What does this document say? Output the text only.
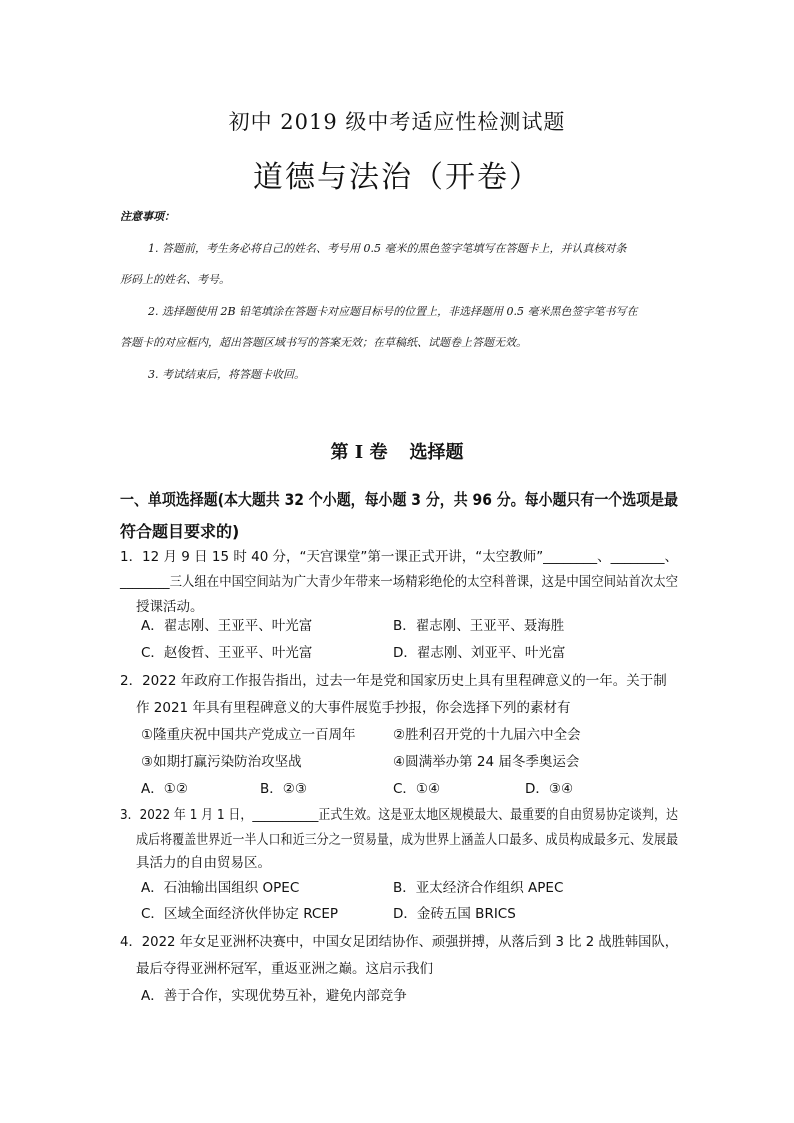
初中 2019 级中考适应性检测试题
道德与法治（开卷）
注意事项：
1. 答题前，考生务必将自己的姓名、考号用 0.5 毫米的黑色签字笔填写在答题卡上，并认真核对条
形码上的姓名、考号。
2. 选择题使用 2B 铅笔填涂在答题卡对应题目标号的位置上，非选择题用 0.5 毫米黑色签字笔书写在
答题卡的对应框内，超出答题区域书写的答案无效；在草稿纸、试题卷上答题无效。
3. 考试结束后，将答题卡收回。
第 I 卷 选择题
一、单项选择题(本大题共 32 个小题，每小题 3 分，共 96 分。每小题只有一个选项是最
符合题目要求的)
1．12 月 9 日 15 时 40 分，“天宫课堂”第一课正式开讲，“太空教师”________、________、
________三人组在中国空间站为广大青少年带来一场精彩绝伦的太空科普课，这是中国空间站首次太空
授课活动。
A．翟志刚、王亚平、叶光富	B．翟志刚、王亚平、聂海胜
C．赵俊哲、王亚平、叶光富	D．翟志刚、刘亚平、叶光富
2．2022 年政府工作报告指出，过去一年是党和国家历史上具有里程碑意义的一年。关于制
作 2021 年具有里程碑意义的大事件展览手抄报，你会选择下列的素材有
①隆重庆祝中国共产党成立一百周年	②胜利召开党的十九届六中全会
③如期打赢污染防治攻坚战	④圆满举办第 24 届冬季奥运会
A．①②	B．②③	C．①④	D．③④
3．2022 年 1 月 1 日，___________正式生效。这是亚太地区规模最大、最重要的自由贸易协定谈判，达
成后将覆盖世界近一半人口和近三分之一贸易量，成为世界上涵盖人口最多、成员构成最多元、发展最
具活力的自由贸易区。
A．石油输出国组织 OPEC	B．亚太经济合作组织 APEC
C．区域全面经济伙伴协定 RCEP	D．金砖五国 BRICS
4．2022 年女足亚洲杯决赛中，中国女足团结协作、顽强拼搏，从落后到 3 比 2 战胜韩国队，
最后夺得亚洲杯冠军，重返亚洲之巅。这启示我们
A．善于合作，实现优势互补，避免内部竞争
